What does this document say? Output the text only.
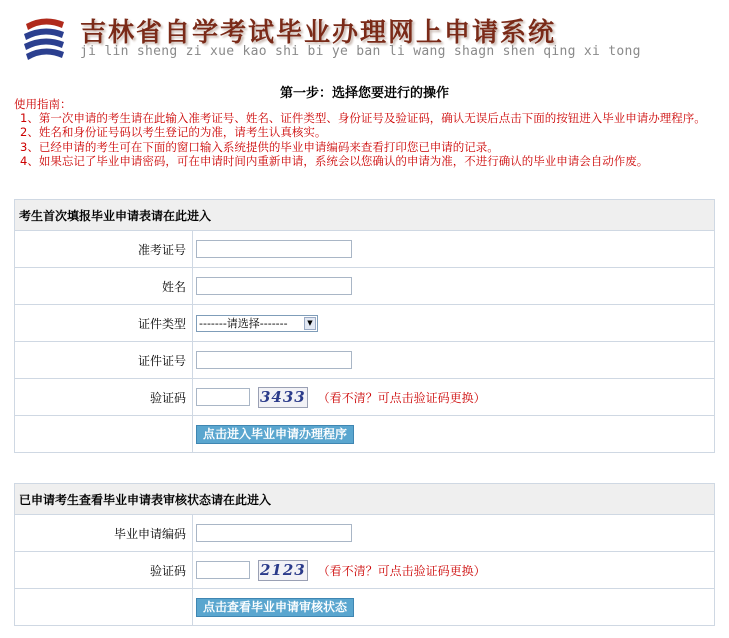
吉林省自学考试毕业办理网上申请系统
ji lin sheng zi xue kao shi bi ye ban li wang shagn shen qing xi tong
第一步：选择您要进行的操作

使用指南：

1、第一次申请的考生请在此输入准考证号、姓名、证件类型、身份证号及验证码，确认无误后点击下面的按钮进入毕业申请办理程序。

2、姓名和身份证号码以考生登记的为准，请考生认真核实。

3、已经申请的考生可在下面的窗口输入系统提供的毕业申请编码来查看打印您已申请的记录。

4、如果忘记了毕业申请密码，可在申请时间内重新申请，系统会以您确认的申请为准，不进行确认的毕业申请会自动作废。

考生首次填报毕业申请表请在此进入	
准考证号	
姓名	
证件类型	-------请选择------- ▼

证件证号	
验证码	3433 （看不清？可点击验证码更换）
	点击进入毕业申请办理程序
已申请考生查看毕业申请表审核状态请在此进入	
毕业申请编码	
验证码	2123 （看不清？可点击验证码更换）
	点击查看毕业申请审核状态
